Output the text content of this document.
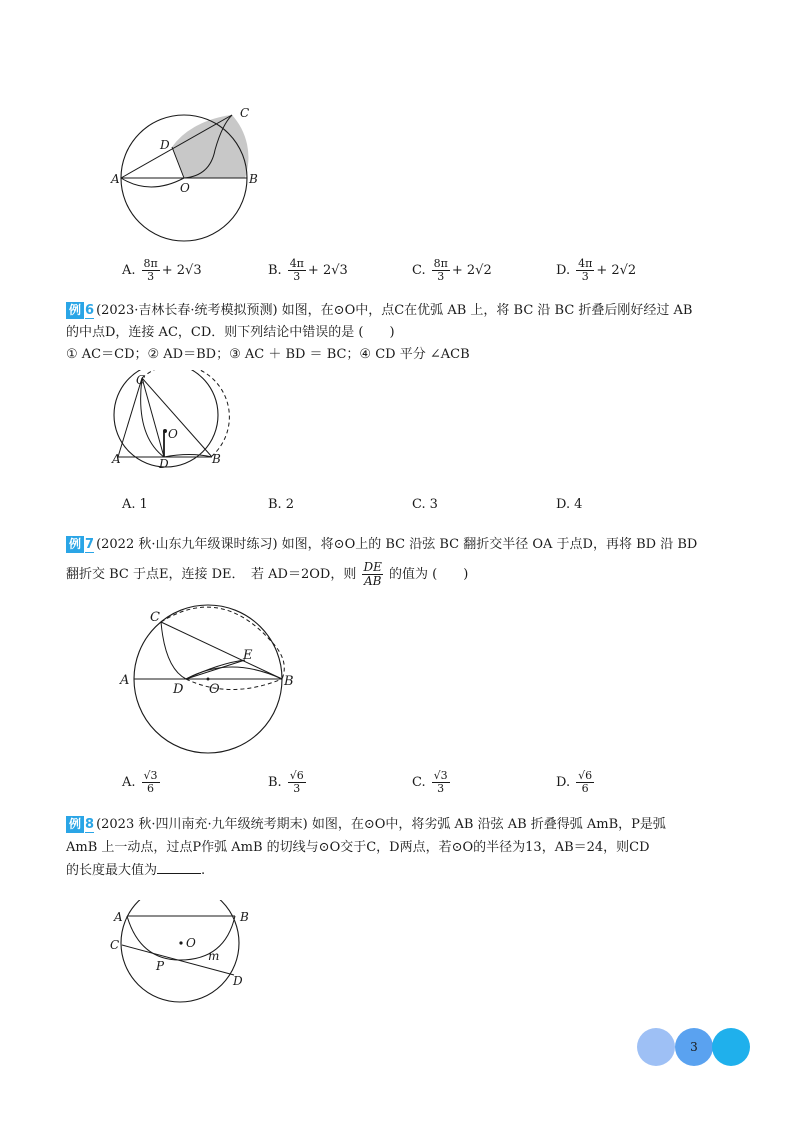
C
D
A
O
B
A. $\frac{8\pi}{3} + 2√3$	B. $\frac{4\pi}{3} + 2√3$	C. $\frac{8\pi}{3} + 2√2$	D. $\frac{4\pi}{3} + 2√2$
例 6 (2023·吉林长春·统考模拟预测) 如图，在⊙O中，点C在优弧 AB 上，将 BC 沿 BC 折叠后刚好经过 AB
的中点D，连接 AC，CD．则下列结论中错误的是 (　　)
① AC＝CD；② AD＝BD；③ AC ＋ BD ＝ BC；④ CD 平分 ∠ACB
C
O
A	D	B
A. 1	B. 2	C. 3	D. 4
例 7 (2022 秋·山东九年级课时练习) 如图，将⊙O上的 BC 沿弦 BC 翻折交半径 OA 于点D，再将 BD 沿 BD
翻折交 BC 于点E，连接 DE．　若 AD＝2OD，则 $\frac{DE}{AB}$ 的值为 (　　)
C
E
A
D O
B
A. $\frac{√3}{6}$	B. $\frac{√6}{3}$	C. $\frac{√3}{3}$	D. $\frac{√6}{6}$
例 8 (2023 秋·四川南充·九年级统考期末) 如图，在⊙O中，将劣弧 AB 沿弦 AB 折叠得弧 AmB，P是弧
AmB 上一动点，过点P作弧 AmB 的切线与⊙O交于C，D两点，若⊙O的半径为13，AB＝24，则CD
的长度最大值为	.
A	B
C	O
P
m
D
3
